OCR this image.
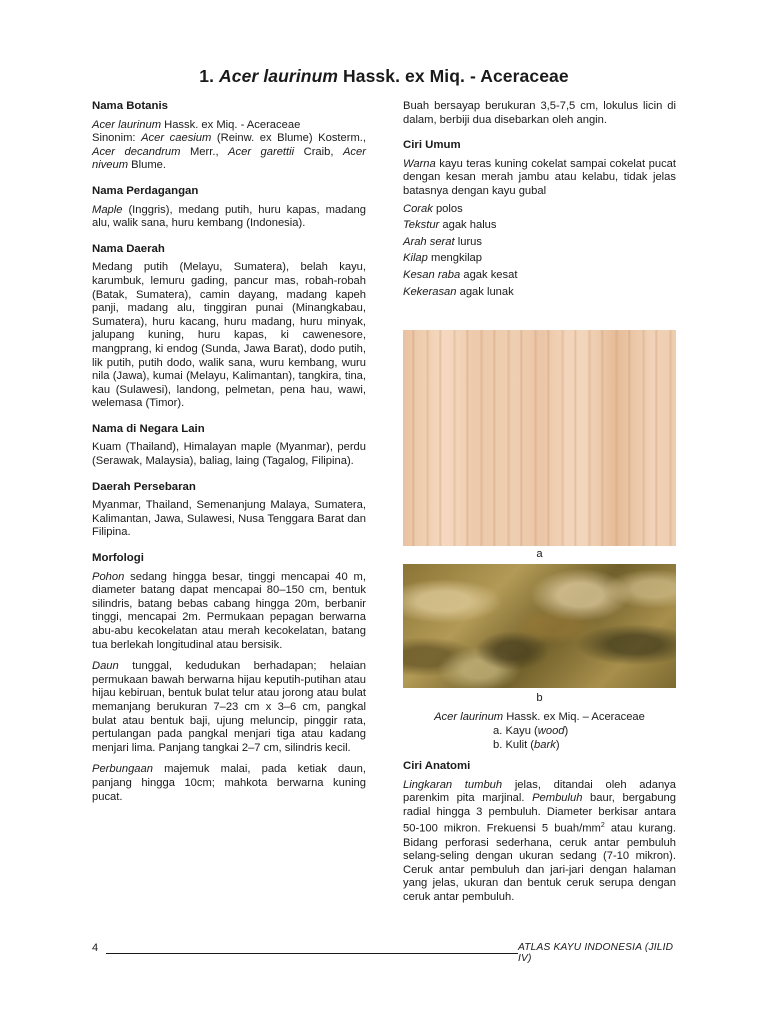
1. Acer laurinum Hassk. ex Miq. - Aceraceae
Nama Botanis

Acer laurinum Hassk. ex Miq. - Aceraceae
Sinonim: Acer caesium (Reinw. ex Blume) Kosterm., Acer decandrum Merr., Acer garettii Craib, Acer niveum Blume.

Nama Perdagangan

Maple (Inggris), medang putih, huru kapas, madang alu, walik sana, huru kembang (Indonesia).

Nama Daerah

Medang putih (Melayu, Sumatera), belah kayu, karumbuk, lemuru gading, pancur mas, robah-robah (Batak, Sumatera), camin dayang, madang kapeh panji, madang alu, tinggiran punai (Minangkabau, Sumatera), huru kacang, huru madang, huru minyak, jalupang kuning, huru kapas, ki cawenesore, mangprang, ki endog (Sunda, Jawa Barat), dodo putih, lik putih, putih dodo, walik sana, wuru kembang, wuru nila (Jawa), kumai (Melayu, Kalimantan), tangkira, tina, kau (Sulawesi), landong, pelmetan, pena hau, wawi, welemasa (Timor).

Nama di Negara Lain

Kuam (Thailand), Himalayan maple (Myanmar), perdu (Serawak, Malaysia), baliag, laing (Tagalog, Filipina).

Daerah Persebaran

Myanmar, Thailand, Semenanjung Malaya, Sumatera, Kalimantan, Jawa, Sulawesi, Nusa Tenggara Barat dan Filipina.

Morfologi

Pohon sedang hingga besar, tinggi mencapai 40 m, diameter batang dapat mencapai 80–150 cm, bentuk silindris, batang bebas cabang hingga 20m, berbanir tinggi, mencapai 2m. Permukaan pepagan berwarna abu-abu kecokelatan atau merah kecokelatan, batang tua berlekah longitudinal atau bersisik.

Daun tunggal, kedudukan berhadapan; helaian permukaan bawah berwarna hijau keputih-putihan atau hijau kebiruan, bentuk bulat telur atau jorong atau bulat memanjang berukuran 7–23 cm x 3–6 cm, pangkal bulat atau bentuk baji, ujung meluncip, pinggir rata, pertulangan pada pangkal menjari tiga atau kadang menjari lima. Panjang tangkai 2–7 cm, silindris kecil.

Perbungaan majemuk malai, pada ketiak daun, panjang hingga 10cm; mahkota berwarna kuning pucat.

Buah bersayap berukuran 3,5-7,5 cm, lokulus licin di dalam, berbiji dua disebarkan oleh angin.

Ciri Umum

Warna kayu teras kuning cokelat sampai cokelat pucat dengan kesan merah jambu atau kelabu, tidak jelas batasnya dengan kayu gubal

Corak polos
Tekstur agak halus
Arah serat lurus
Kilap mengkilap
Kesan raba agak kesat
Kekerasan agak lunak
a
b
Acer laurinum Hassk. ex Miq. – Aceraceae
a. Kayu (wood)
b. Kulit (bark)
Ciri Anatomi

Lingkaran tumbuh jelas, ditandai oleh adanya parenkim pita marjinal. Pembuluh baur, bergabung radial hingga 3 pembuluh. Diameter berkisar antara 50-100 mikron. Frekuensi 5 buah/$mm^2$ atau kurang. Bidang perforasi sederhana, ceruk antar pembuluh selang-seling dengan ukuran sedang (7-10 mikron). Ceruk antar pembuluh dan jari-jari dengan halaman yang jelas, ukuran dan bentuk ceruk serupa dengan ceruk antar pembuluh.

4	ATLAS KAYU INDONESIA (JILID IV)
